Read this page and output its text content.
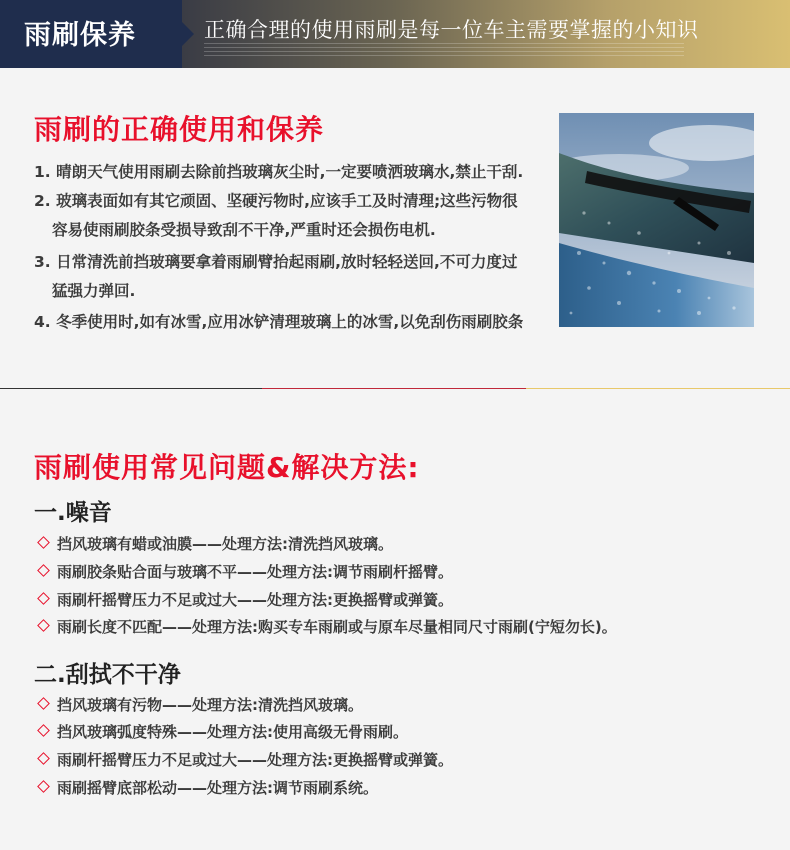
雨刷保养	正确合理的使用雨刷是每一位车主需要掌握的小知识
雨刷的正确使用和保养
1. 晴朗天气使用雨刷去除前挡玻璃灰尘时,一定要喷洒玻璃水,禁止干刮.
2. 玻璃表面如有其它顽固、坚硬污物时,应该手工及时清理;这些污物很
容易使雨刷胶条受损导致刮不干净,严重时还会损伤电机.
3. 日常清洗前挡玻璃要拿着雨刷臂抬起雨刷,放时轻轻送回,不可力度过
猛强力弹回.
4. 冬季使用时,如有冰雪,应用冰铲清理玻璃上的冰雪,以免刮伤雨刷胶条
雨刷使用常见问题&解决方法:
一.噪音
挡风玻璃有蜡或油膜——处理方法:清洗挡风玻璃。
雨刷胶条贴合面与玻璃不平——处理方法:调节雨刷杆摇臂。
雨刷杆摇臂压力不足或过大——处理方法:更换摇臂或弹簧。
雨刷长度不匹配——处理方法:购买专车雨刷或与原车尽量相同尺寸雨刷(宁短勿长)。
二.刮拭不干净
挡风玻璃有污物——处理方法:清洗挡风玻璃。
挡风玻璃弧度特殊——处理方法:使用高级无骨雨刷。
雨刷杆摇臂压力不足或过大——处理方法:更换摇臂或弹簧。
雨刷摇臂底部松动——处理方法:调节雨刷系统。
